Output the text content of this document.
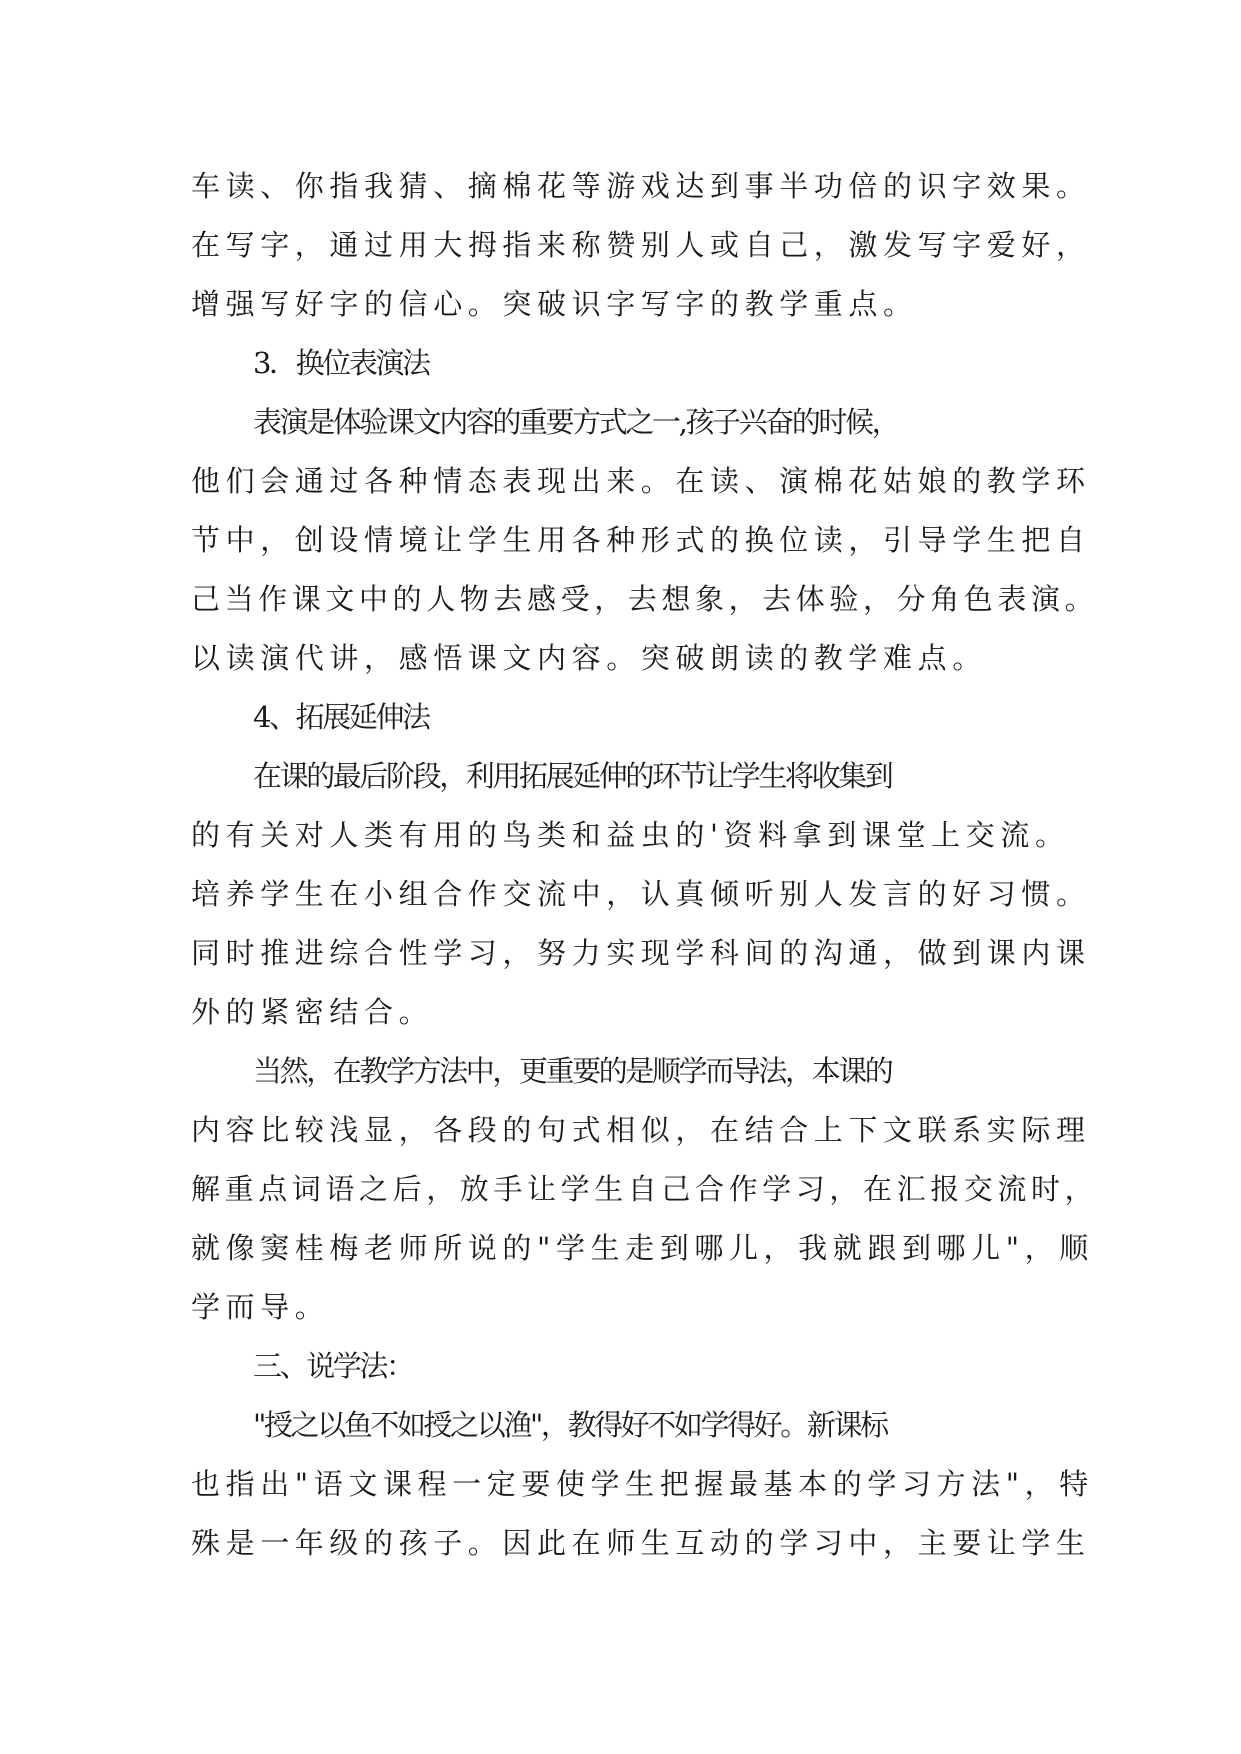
车读、你指我猜、摘棉花等游戏达到事半功倍的识字效果。
在写字，通过用大拇指来称赞别人或自己，激发写字爱好，
增强写好字的信心。突破识字写字的教学重点。
3．换位表演法
表演是体验课文内容的重要方式之一,孩子兴奋的时候，
他们会通过各种情态表现出来。在读、演棉花姑娘的教学环
节中，创设情境让学生用各种形式的换位读，引导学生把自
己当作课文中的人物去感受，去想象，去体验，分角色表演。
以读演代讲，感悟课文内容。突破朗读的教学难点。
4、拓展延伸法
在课的最后阶段，利用拓展延伸的环节让学生将收集到
的有关对人类有用的鸟类和益虫的'资料拿到课堂上交流。
培养学生在小组合作交流中，认真倾听别人发言的好习惯。
同时推进综合性学习，努力实现学科间的沟通，做到课内课
外的紧密结合。
当然，在教学方法中，更重要的是顺学而导法，本课的
内容比较浅显，各段的句式相似，在结合上下文联系实际理
解重点词语之后，放手让学生自己合作学习，在汇报交流时，
就像窦桂梅老师所说的"学生走到哪儿，我就跟到哪儿"，顺
学而导。
三、说学法：
"授之以鱼不如授之以渔"，教得好不如学得好。新课标
也指出"语文课程一定要使学生把握最基本的学习方法"，特
殊是一年级的孩子。因此在师生互动的学习中，主要让学生
